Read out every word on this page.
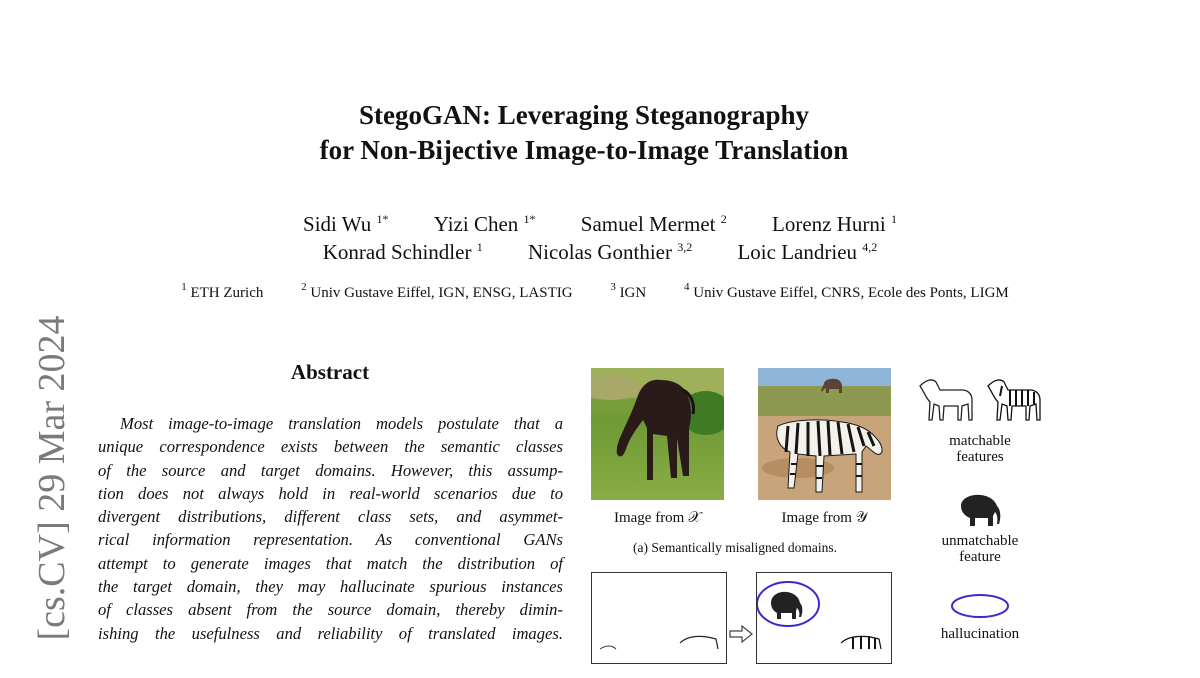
[cs.CV] 29 Mar 2024
StegoGAN: Leveraging Steganography
for Non-Bijective Image-to-Image Translation
Sidi Wu $^{1*}$ Yizi Chen $^{1*}$ Samuel Mermet $^2$ Lorenz Hurni $^1$
Konrad Schindler $^1$ Nicolas Gonthier $^{3,2}$ Loic Landrieu $^{4,2}$
$^1$ ETH Zurich	$^2$ Univ Gustave Eiffel, IGN, ENSG, LASTIG	$^3$ IGN	$^4$ Univ Gustave Eiffel, CNRS, Ecole des Ponts, LIGM
Abstract
Most image-to-image translation models postulate that a
unique correspondence exists between the semantic classes
of the source and target domains. However, this assump-
tion does not always hold in real-world scenarios due to
divergent distributions, different class sets, and asymmet-
rical information representation. As conventional GANs
attempt to generate images that match the distribution of
the target domain, they may hallucinate spurious instances
of classes absent from the source domain, thereby dimin-
ishing the usefulness and reliability of translated images.
Image from 𝒳	Image from 𝒴
(a) Semantically misaligned domains.
matchable
features
unmatchable
feature
hallucination
